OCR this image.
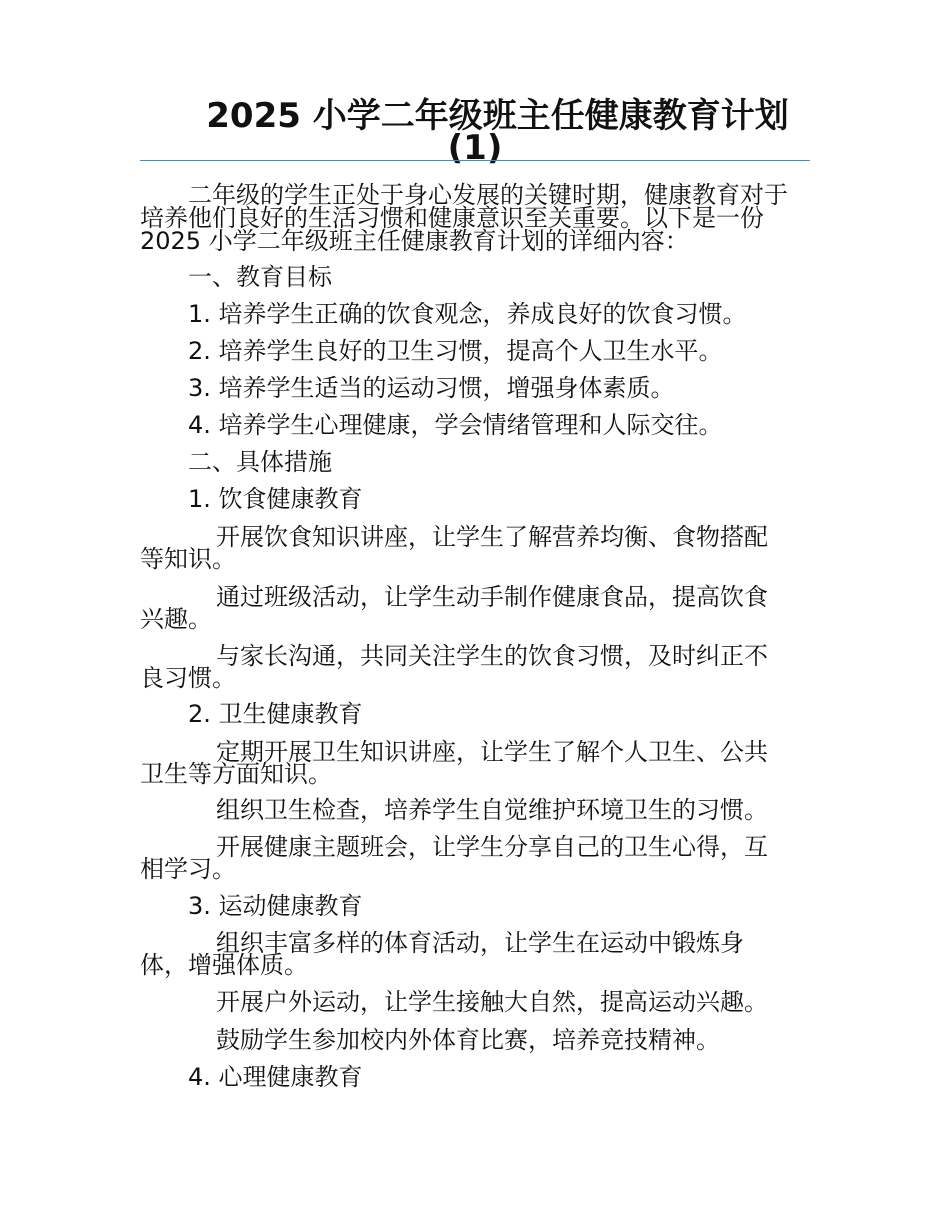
2025 小学二年级班主任健康教育计划
(1)

二年级的学生正处于身心发展的关键时期，健康教育对于

培养他们良好的生活习惯和健康意识至关重要。以下是一份

2025 小学二年级班主任健康教育计划的详细内容：

一、教育目标

1. 培养学生正确的饮食观念，养成良好的饮食习惯。

2. 培养学生良好的卫生习惯，提高个人卫生水平。

3. 培养学生适当的运动习惯，增强身体素质。

4. 培养学生心理健康，学会情绪管理和人际交往。

二、具体措施

1. 饮食健康教育

开展饮食知识讲座，让学生了解营养均衡、食物搭配

等知识。

通过班级活动，让学生动手制作健康食品，提高饮食

兴趣。

与家长沟通，共同关注学生的饮食习惯，及时纠正不

良习惯。

2. 卫生健康教育

定期开展卫生知识讲座，让学生了解个人卫生、公共

卫生等方面知识。

组织卫生检查，培养学生自觉维护环境卫生的习惯。

开展健康主题班会，让学生分享自己的卫生心得，互

相学习。

3. 运动健康教育

组织丰富多样的体育活动，让学生在运动中锻炼身

体，增强体质。

开展户外运动，让学生接触大自然，提高运动兴趣。

鼓励学生参加校内外体育比赛，培养竞技精神。

4. 心理健康教育
